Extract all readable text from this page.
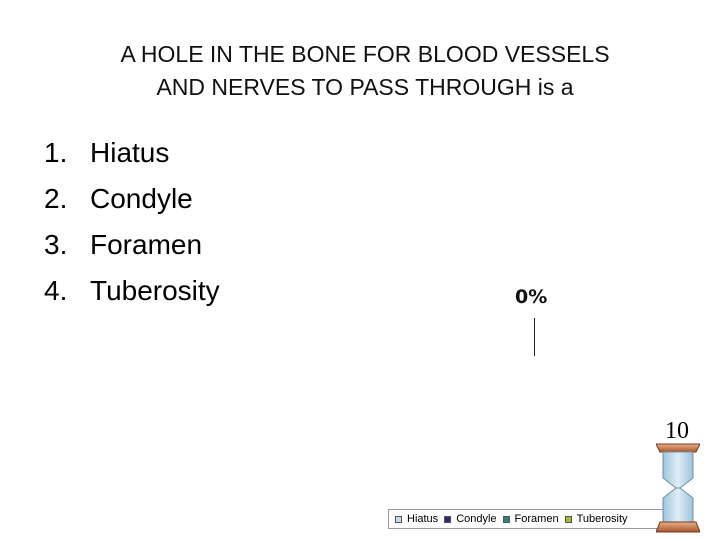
A HOLE IN THE BONE FOR BLOOD VESSELS
AND NERVES TO PASS THROUGH is a
1. Hiatus
2. Condyle
3. Foramen
4. Tuberosity	0%
Hiatus Condyle Foramen Tuberosity
10
